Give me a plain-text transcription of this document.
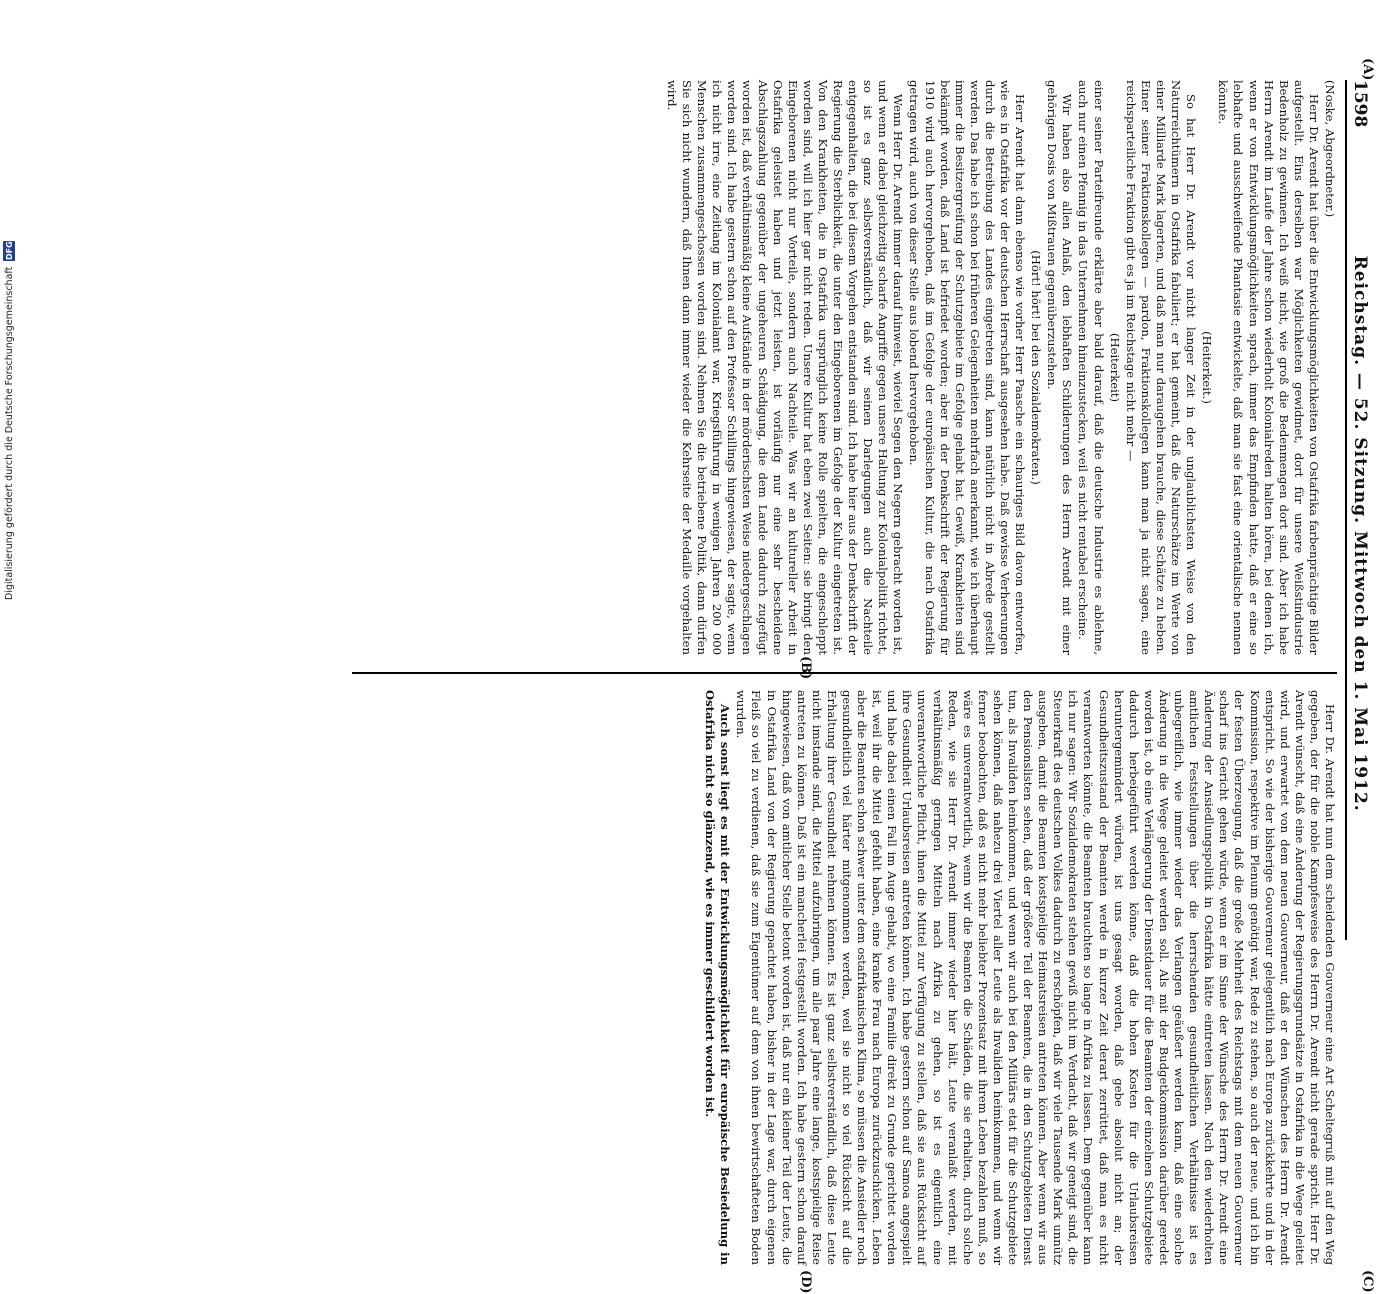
1598
Reichstag. — 52. Sitzung. Mittwoch den 1. Mai 1912.
(A)
(B)
(C)
(D)

(Noske, Abgeordneter.)

Herr Dr. Arendt hat über die Entwicklungsmöglichkeiten von Ostafrika farbenprächtige Bilder aufgestellt. Eins derselben war Möglichkeiten gewidmet, dort für unsere Weißstindustrie Bedenholz zu gewinnen. Ich weiß nicht, wie groß die Bedenmengen dort sind. Aber ich habe Herrn Arendt im Laufe der Jahre schon wiederholt Kolonialreden halten hören, bei denen ich, wenn er von Entwicklungsmöglichkeiten sprach, immer das Empfinden hatte, daß er eine so lebhafte und ausschweifende Phantasie entwickelte, daß man sie fast eine orientalische nennen könnte.

(Heiterkeit.)

So hat Herr Dr. Arendt vor nicht langer Zeit in der unglaublichsten Weise von den Naturreichtümern in Ostafrika fabuliert; er hat gemeint, daß die Naturschätze im Werte von einer Milliarde Mark lagerten, und daß man nur daraugehen brauche, diese Schätze zu heben. Einer seiner Fraktionskollegen — pardon, Fraktionskollegen kann man ja nicht sagen, eine reichsparteiliche Fraktion gibt es ja im Reichstage nicht mehr —

(Heiterkeit)

einer seiner Parteifreunde erklärte aber bald darauf, daß die deutsche Industrie es ablehne, auch nur einen Pfennig in das Unternehmen hineinzustecken, weil es nicht rentabel erscheine.

Wir haben also allen Anlaß, den lebhaften Schilderungen des Herrn Arendt mit einer gehörigen Dosis von Mißtrauen gegenüberzustehen.

(Hört! hört! bei den Sozialdemokraten.)

Herr Arendt hat dann ebenso wie vorher Herr Paasche ein schauriges Bild davon entworfen, wie es in Ostafrika vor der deutschen Herrschaft ausgesehen habe. Daß gewisse Verheerungen durch die Betreibung des Landes eingetreten sind, kann natürlich nicht in Abrede gestellt werden. Das habe ich schon bei früheren Gelegenheiten mehrfach anerkannt, wie ich überhaupt immer die Besitzergreifung der Schutzgebiete im Gefolge gehabt hat. Gewiß, Krankheiten sind bekämpft worden, daß Land ist befriedet worden; aber in der Denkschrift der Regierung für 1910 wird auch hervorgehoben, daß im Gefolge der europäischen Kultur, die nach Ostafrika getragen wird, auch von dieser Stelle aus lobend hervorgehoben.

Wenn Herr Dr. Arendt immer darauf hinweist, wieviel Segen den Negern gebracht worden ist, und wenn er dabei gleichzeitig scharfe Angriffe gegen unsere Haltung zur Kolonialpolitik richtet, so ist es ganz selbstverständlich, daß wir seinen Darlegungen auch die Nachteile entgegenhalten, die bei diesem Vorgehen entstanden sind. Ich habe hier aus der Denkschrift der Regierung die Sterblichkeit, die unter den Eingeborenen im Gefolge der Kultur eingetreten ist. Von den Krankheiten, die in Ostafrika ursprünglich keine Rolle spielten, die eingeschleppt worden sind, will ich hier gar nicht reden. Unsere Kultur hat eben zwei Seiten: sie bringt den Eingeborenen nicht nur Vorteile, sondern auch Nachteile. Was wir an kultureller Arbeit in Ostafrika geleistet haben und jetzt leisten, ist vorläufig nur eine sehr bescheidene Abschlagszahlung gegenüber der ungeheuren Schädigung, die dem Lande dadurch zugefügt worden ist, daß verhältnismäßig kleine Aufstände in der mörderischsten Weise niedergeschlagen worden sind. Ich habe gestern schon auf den Professor Schillings hingewiesen, der sagte, wenn ich nicht irre, eine Zeitlang im Kolonialamt war, Kriegsführung in wenigen Jahren 200 000 Menschen zusammengeschossen worden sind. Nehmen Sie die betriebene Politik, dann dürfen Sie sich nicht wundern, daß Ihnen dann immer wieder die Kehrseite der Medaille vorgehalten wird.

Herr Dr. Arendt hat nun dem scheidenden Gouverneur eine Art Scheltegruß mit auf den Weg gegeben, der für die noble Kampfesweise des Herrn Dr. Arendt nicht gerade spricht. Herr Dr. Arendt wünscht, daß eine Änderung der Regierungsgrundsätze in Ostafrika in die Wege geleitet wird, und erwartet von dem neuen Gouverneur, daß er den Wünschen des Herrn Dr. Arendt entspricht. So wie der bisherige Gouverneur gelegentlich nach Europa zurückkehrte und in der Kommission, respektive im Plenum genötigt war, Rede zu stehen, so auch der neue, und ich bin der festen Überzeugung, daß die große Mehrheit des Reichstags mit dem neuen Gouverneur scharf ins Gericht gehen würde, wenn er im Sinne der Wünsche des Herrn Dr. Arendt eine Änderung der Ansiedlungspolitik in Ostafrika hätte eintreten lassen. Nach den wiederholten amtlichen Feststellungen über die herrschenden gesundheitlichen Verhältnisse ist es unbegreiflich, wie immer wieder das Verlangen geäußert werden kann, daß eine solche Änderung in die Wege geleitet werden soll. Als mit der Budgetkommission darüber geredet worden ist, ob eine Verlängerung der Dienstdauer für die Beamten der einzelnen Schutzgebiete dadurch herbeigeführt werden könne, daß die hohen Kosten für die Urlaubsreisen heruntergemindert würden, ist uns gesagt worden, daß gebe absolut nicht an; der Gesundheitszustand der Beamten werde in kurzer Zeit derart zerrüttet, daß man es nicht verantworten könnte, die Beamten brauchten so lange in Afrika zu lassen. Dem gegenüber kann ich nur sagen: Wir Sozialdemokraten stehen gewiß nicht im Verdacht, daß wir geneigt sind, die Steuerkraft des deutschen Volkes dadurch zu erschöpfen, daß wir viele Tausende Mark unnütz ausgeben, damit die Beamten kostspielige Heimatsreisen antreten können. Aber wenn wir aus den Pensionslisten sehen, daß der größere Teil der Beamten, die in den Schutzgebieten Dienst tun, als Invaliden heimkommen, und wenn wir auch bei den Militärs etat für die Schutzgebiete sehen können, daß nahezu drei Viertel aller Leute als Invaliden heimkommen, und wenn wir ferner beobachten, daß es nicht mehr beliebter Prozentsatz mit ihrem Leben bezahlen muß, so wäre es unverantwortlich, wenn wir die Beamten die Schäden, die sie erhalten, durch solche Reden, wie sie Herr Dr. Arendt immer wieder hier hält, Leute veranlaßt werden, mit verhältnismäßig geringen Mitteln nach Afrika zu gehen, so ist es eigentlich eine unverantwortliche Pflicht, ihnen die Mittel zur Verfügung zu stellen, daß sie aus Rücksicht auf ihre Gesundheit Urlaubsreisen antreten können. Ich habe gestern schon auf Samoa angespielt und habe dabei einen Fall im Auge gehabt, wo eine Familie direkt zu Grunde gerichtet worden ist, weil ihr die Mittel gefehlt haben, eine kranke Frau nach Europa zurückzuschicken. Leben aber die Beamten schon schwer unter dem ostafrikanischen Klima, so müssen die Ansiedler noch gesundheitlich viel härter mitgenommen werden, weil sie nicht so viel Rücksicht auf die Erhaltung ihrer Gesundheit nehmen können. Es ist ganz selbstverständlich, daß diese Leute nicht imstande sind, die Mittel aufzubringen, um alle paar Jahre eine lange, kostspielige Reise antreten zu können. Daß ist ein mancherlei festgestellt worden. Ich habe gestern schon darauf hingewiesen, daß von amtlicher Stelle betont worden ist, daß nur ein kleiner Teil der Leute, die in Ostafrika Land von der Regierung gepachtet haben, bisher in der Lage war, durch eigenen Fleiß so viel zu verdienen, daß sie zum Eigentümer auf dem von ihnen bewirtschafteten Boden wurden.

Auch sonst liegt es mit der Entwicklungsmöglichkeit für europäische Besiedelung in Ostafrika nicht so glänzend, wie es immer geschildert worden ist.

Digitalisierung gefördert durch die Deutsche Forschungsgemeinschaft
DFG
